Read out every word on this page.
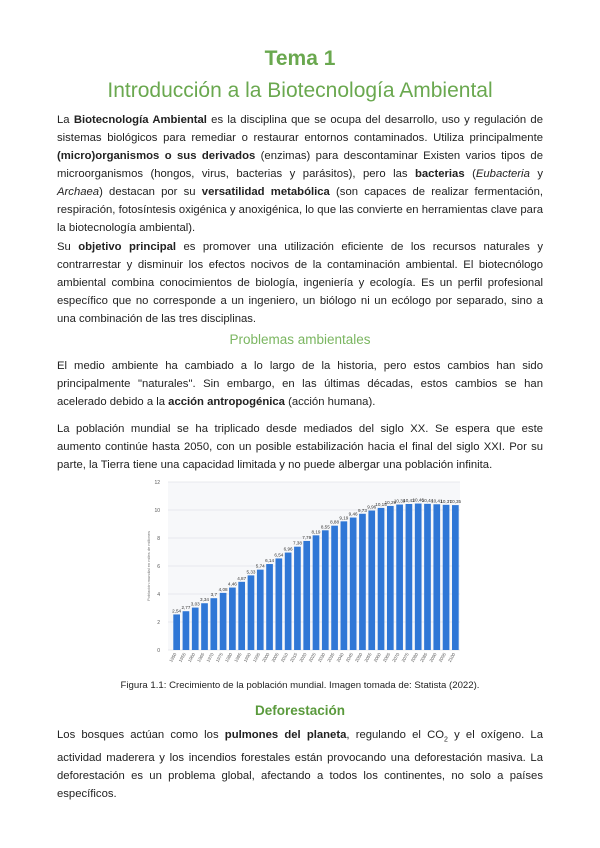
Tema 1
Introducción a la Biotecnología Ambiental

La Biotecnología Ambiental es la disciplina que se ocupa del desarrollo, uso y regulación de sistemas biológicos para remediar o restaurar entornos contaminados. Utiliza principalmente (micro)organismos o sus derivados (enzimas) para descontaminar Existen varios tipos de microorganismos (hongos, virus, bacterias y parásitos), pero las bacterias (Eubacteria y Archaea) destacan por su versatilidad metabólica (son capaces de realizar fermentación, respiración, fotosíntesis oxigénica y anoxigénica, lo que las convierte en herramientas clave para la biotecnología ambiental).

Su objetivo principal es promover una utilización eficiente de los recursos naturales y contrarrestar y disminuir los efectos nocivos de la contaminación ambiental. El biotecnólogo ambiental combina conocimientos de biología, ingeniería y ecología. Es un perfil profesional específico que no corresponde a un ingeniero, un biólogo ni un ecólogo por separado, sino a una combinación de las tres disciplinas.

Problemas ambientales

El medio ambiente ha cambiado a lo largo de la historia, pero estos cambios han sido principalmente "naturales". Sin embargo, en las últimas décadas, estos cambios se han acelerado debido a la acción antropogénica (acción humana).

La población mundial se ha triplicado desde mediados del siglo XX. Se espera que este aumento continúe hasta 2050, con un posible estabilización hacia el final del siglo XXI. Por su parte, la Tierra tiene una capacidad limitada y no puede albergar una población infinita.

Figura 1.1: Crecimiento de la población mundial. Imagen tomada de: Statista (2022).
Deforestación

Los bosques actúan como los pulmones del planeta, regulando el $CO_2$ y el oxígeno. La actividad maderera y los incendios forestales están provocando una deforestación masiva. La deforestación es un problema global, afectando a todos los continentes, no solo a países específicos.

0
2
4
6
8
10
12
Población mundial en miles de millones
2,54
1950
2,77
1955
3,03
1960
3,34
1965
3,7
1970
4,08
1975
4,46
1980
4,87
1985
5,33
1990
5,74
1995
6,14
2000
6,54
2005
6,96
2010
7,38
2015
7,79
2020
8,19
2025
8,55
2030
8,88
2035
9,19
2040
9,46
2045
9,73
2050
9,96
2055
10,15
2060
10,29
2065
10,39
2070
10,43
2075
10,46
2080
10,44
2085
10,41
2090
10,37
2095
10,35
2100
